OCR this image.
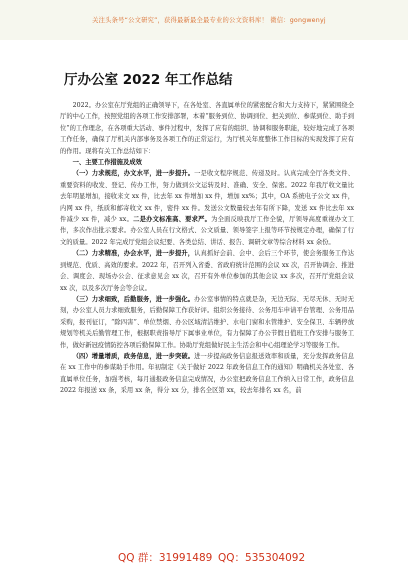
关注头条号“公文研究”，获得最新最全最专业的公文资料库！ 微信：gongwenyj
厅办公室 2022 年工作总结

2022。办公室在厅党组的正确领导下，在各处室、各直属单位的紧密配合和大力支持下，紧紧围绕全厅的中心工作，按照党组的各项工作安排部署，本着“服务到位、协调到位、把关到位、参谋到位、助手到位”的工作理念，在各项重大活动、事件过程中，发挥了应有的组织、协调和服务职能，较好地完成了各项工作任务，确保了厅机关内部事务及各项工作的正常运行，为厅机关年度整体工作目标的实现发挥了应有的作用。现将有关工作总结如下：

一、主要工作措施及成效

（一）力求规范，办文水平，进一步提升。一是收文程序规范、传递及时。认真完成全厅各类文件、重要资料的收发、登记、传办工作，努力做到公文运转及时、准确、安全、保密。2022 年我厅收文量比去年明显增加，接收来文 xx 件，比去年 xx 件增加 xx 件，增加 xx%；其中，OA 系统电子公文 xx 件，内网 xx 件，纸质和邮寄收文 xx 件，密件 xx 件。发送公文数量较去年有所下降，发送 xx 件比去年 xx 件减少 xx 件，减少 xx。二是办文标准高、要求严。为全面反映我厅工作全貌，厅领导高度重视办文工作，多次作出批示要求。办公室人员在行文格式、公文质量、领导签字上报等环节按规定办理，确保了行文的质量。2022 年完成厅党组会议纪要、各类总结、讲话、报告、调研文章等综合材料 xx 余份。

（二）力求精准，办会水平，进一步提升，认真抓好会前、会中、会后三个环节，使会务服务工作达到规范、优质、高效的要求。2022 年，召开列入省委、省政府统计范围的会议 xx 次，召开协调会、推进会、调度会、现场办公会、征求意见会 xx 次，召开有外单位参加的其他会议 xx 多次，召开厅党组会议 xx 次，以及多次厅务会等会议。

（三）力求细致，后勤服务，进一步强化。办公室事情的特点就是杂，无边无际、无尽无休、无时无刻，办公室人员力求细致服务，后勤保障工作获好评。组织公务接待、公务用车申请平台管理、公务用品采购，报刊征订，“除四害”、单位禁烟、办公区域清洁维护、水电门窗和水管维护、安全保卫、车辆停放规划等机关后勤管理工作，根据职责指导厅下属事业单位，有力保障了办公节假日值班工作安排与服务工作，做好新冠疫情防控各项后勤保障工作。协助厅党组做好民主生活会和中心组理论学习等服务工作。

（四）增量增质，政务信息，进一步突破。进一步提高政务信息报送效率和质量，充分发挥政务信息在 xx 工作中的参谋助手作用。年初制定《关于做好 2022 年政务信息工作的通知》明确机关各处室、各直属单位任务，加强考核，每月通报政务信息完成情况，办公室把政务信息工作纳入日常工作，政务信息 2022 年报送 xx 条，采用 xx 条，得分 xx 分，排名全区第 xx，较去年排名 xx 名，前

QQ 群：31991489 QQ：535304092
